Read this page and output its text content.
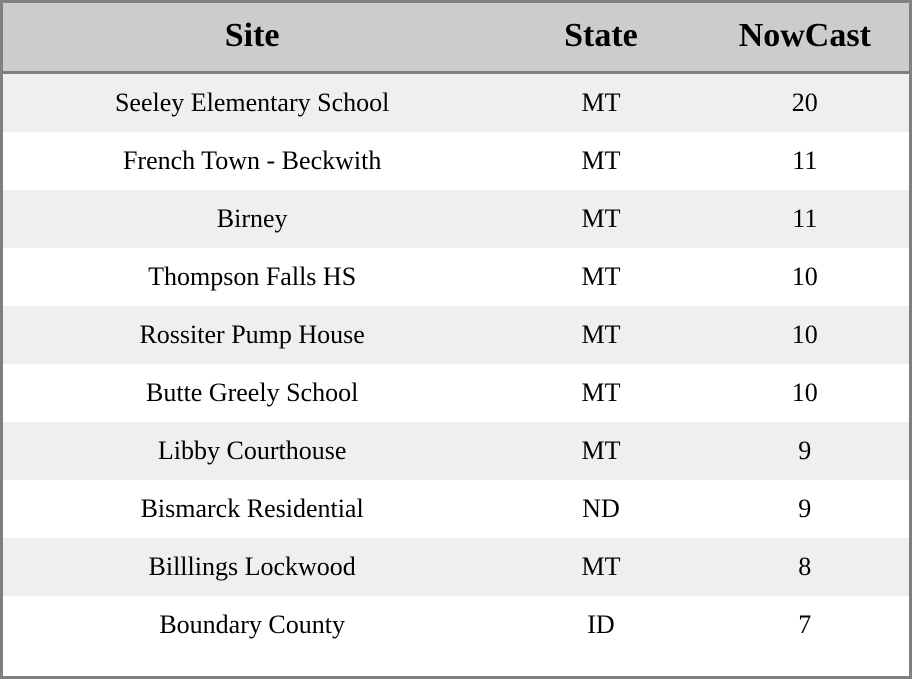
Site	State	NowCast
Seeley Elementary School	MT	20
French Town - Beckwith	MT	11
Birney	MT	11
Thompson Falls HS	MT	10
Rossiter Pump House	MT	10
Butte Greely School	MT	10
Libby Courthouse	MT	9
Bismarck Residential	ND	9
Billlings Lockwood	MT	8
Boundary County	ID	7
